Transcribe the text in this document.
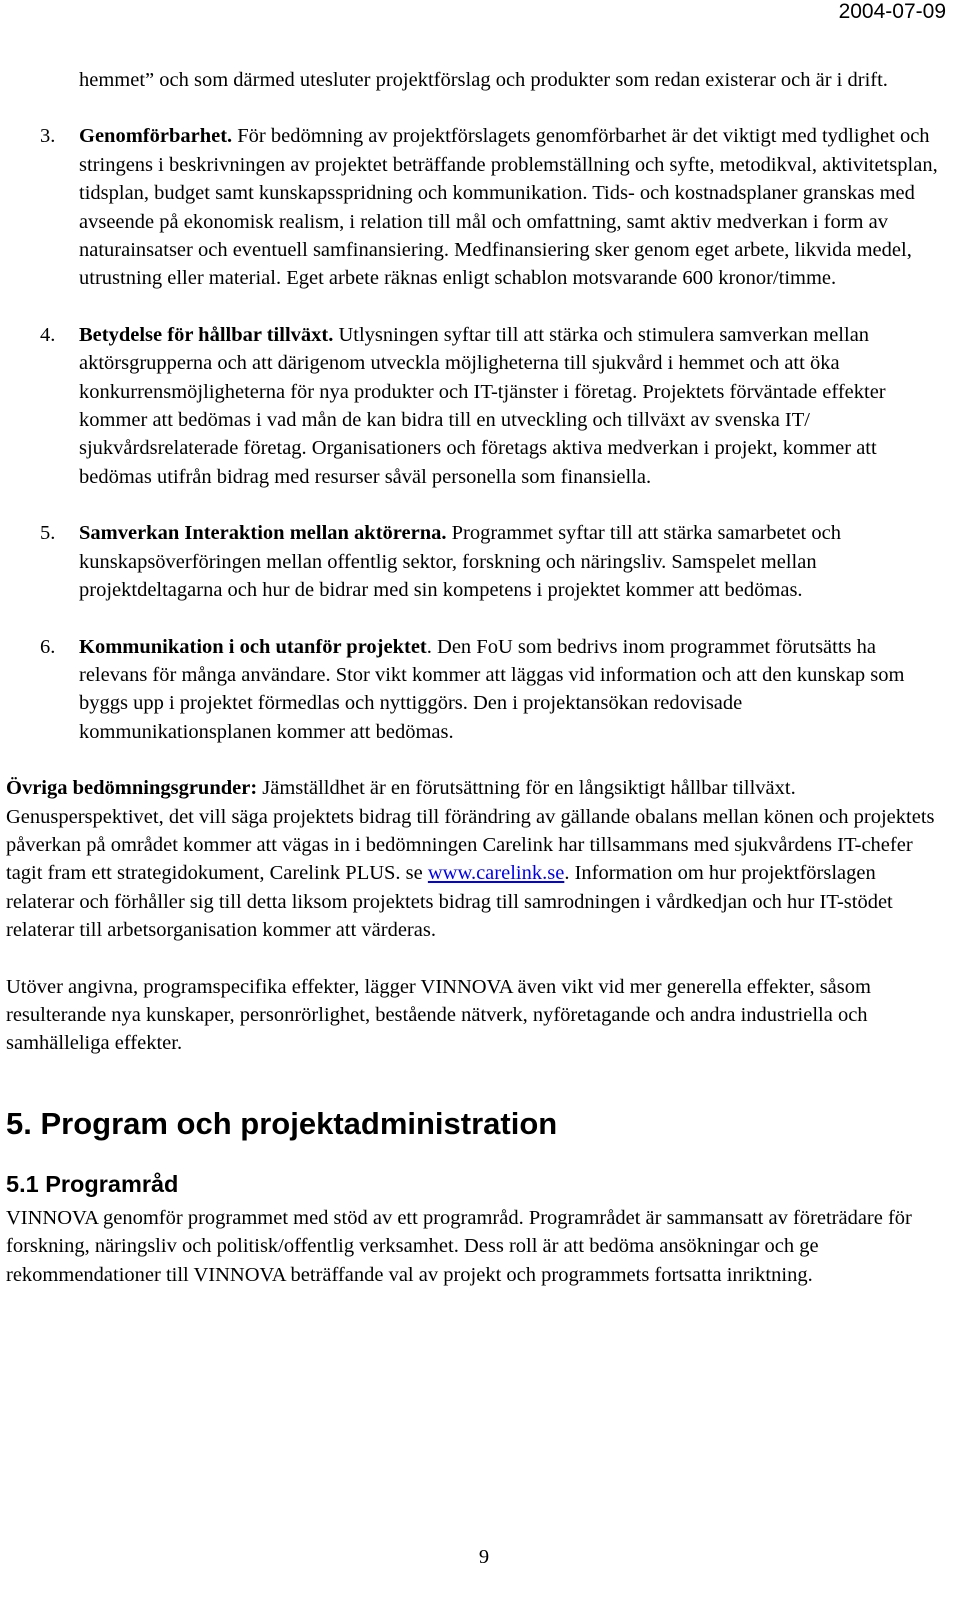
2004-07-09

hemmet” och som därmed utesluter projektförslag och produkter som redan existerar och är i drift.

3. Genomförbarhet. För bedömning av projektförslagets genomförbarhet är det viktigt med tydlighet och stringens i beskrivningen av projektet beträffande problemställning och syfte, metodikval, aktivitetsplan, tidsplan, budget samt kunskapsspridning och kommunikation. Tids- och kostnadsplaner granskas med avseende på ekonomisk realism, i relation till mål och omfattning, samt aktiv medverkan i form av naturainsatser och eventuell samfinansiering. Medfinansiering sker genom eget arbete, likvida medel, utrustning eller material. Eget arbete räknas enligt schablon motsvarande 600 kronor/timme.
4. Betydelse för hållbar tillväxt. Utlysningen syftar till att stärka och stimulera samverkan mellan aktörsgrupperna och att därigenom utveckla möjligheterna till sjukvård i hemmet och att öka konkurrensmöjligheterna för nya produkter och IT-tjänster i företag. Projektets förväntade effekter kommer att bedömas i vad mån de kan bidra till en utveckling och tillväxt av svenska IT/ sjukvårdsrelaterade företag. Organisationers och företags aktiva medverkan i projekt, kommer att bedömas utifrån bidrag med resurser såväl personella som finansiella.
5. Samverkan Interaktion mellan aktörerna. Programmet syftar till att stärka samarbetet och kunskapsöverföringen mellan offentlig sektor, forskning och näringsliv. Samspelet mellan projektdeltagarna och hur de bidrar med sin kompetens i projektet kommer att bedömas.
6. Kommunikation i och utanför projektet. Den FoU som bedrivs inom programmet förutsätts ha relevans för många användare. Stor vikt kommer att läggas vid information och att den kunskap som byggs upp i projektet förmedlas och nyttiggörs. Den i projektansökan redovisade kommunikationsplanen kommer att bedömas.

Övriga bedömningsgrunder: Jämställdhet är en förutsättning för en långsiktigt hållbar tillväxt. Genusperspektivet, det vill säga projektets bidrag till förändring av gällande obalans mellan könen och projektets påverkan på området kommer att vägas in i bedömningen Carelink har tillsammans med sjukvårdens IT-chefer tagit fram ett strategidokument, Carelink PLUS. se www.carelink.se. Information om hur projektförslagen relaterar och förhåller sig till detta liksom projektets bidrag till samrodningen i vårdkedjan och hur IT-stödet relaterar till arbetsorganisation kommer att värderas.

Utöver angivna, programspecifika effekter, lägger VINNOVA även vikt vid mer generella effekter, såsom resulterande nya kunskaper, personrörlighet, bestående nätverk, nyföretagande och andra industriella och samhälleliga effekter.

5. Program och projektadministration
5.1 Programråd

VINNOVA genomför programmet med stöd av ett programråd. Programrådet är sammansatt av företrädare för forskning, näringsliv och politisk/offentlig verksamhet. Dess roll är att bedöma ansökningar och ge rekommendationer till VINNOVA beträffande val av projekt och programmets fortsatta inriktning.

9
